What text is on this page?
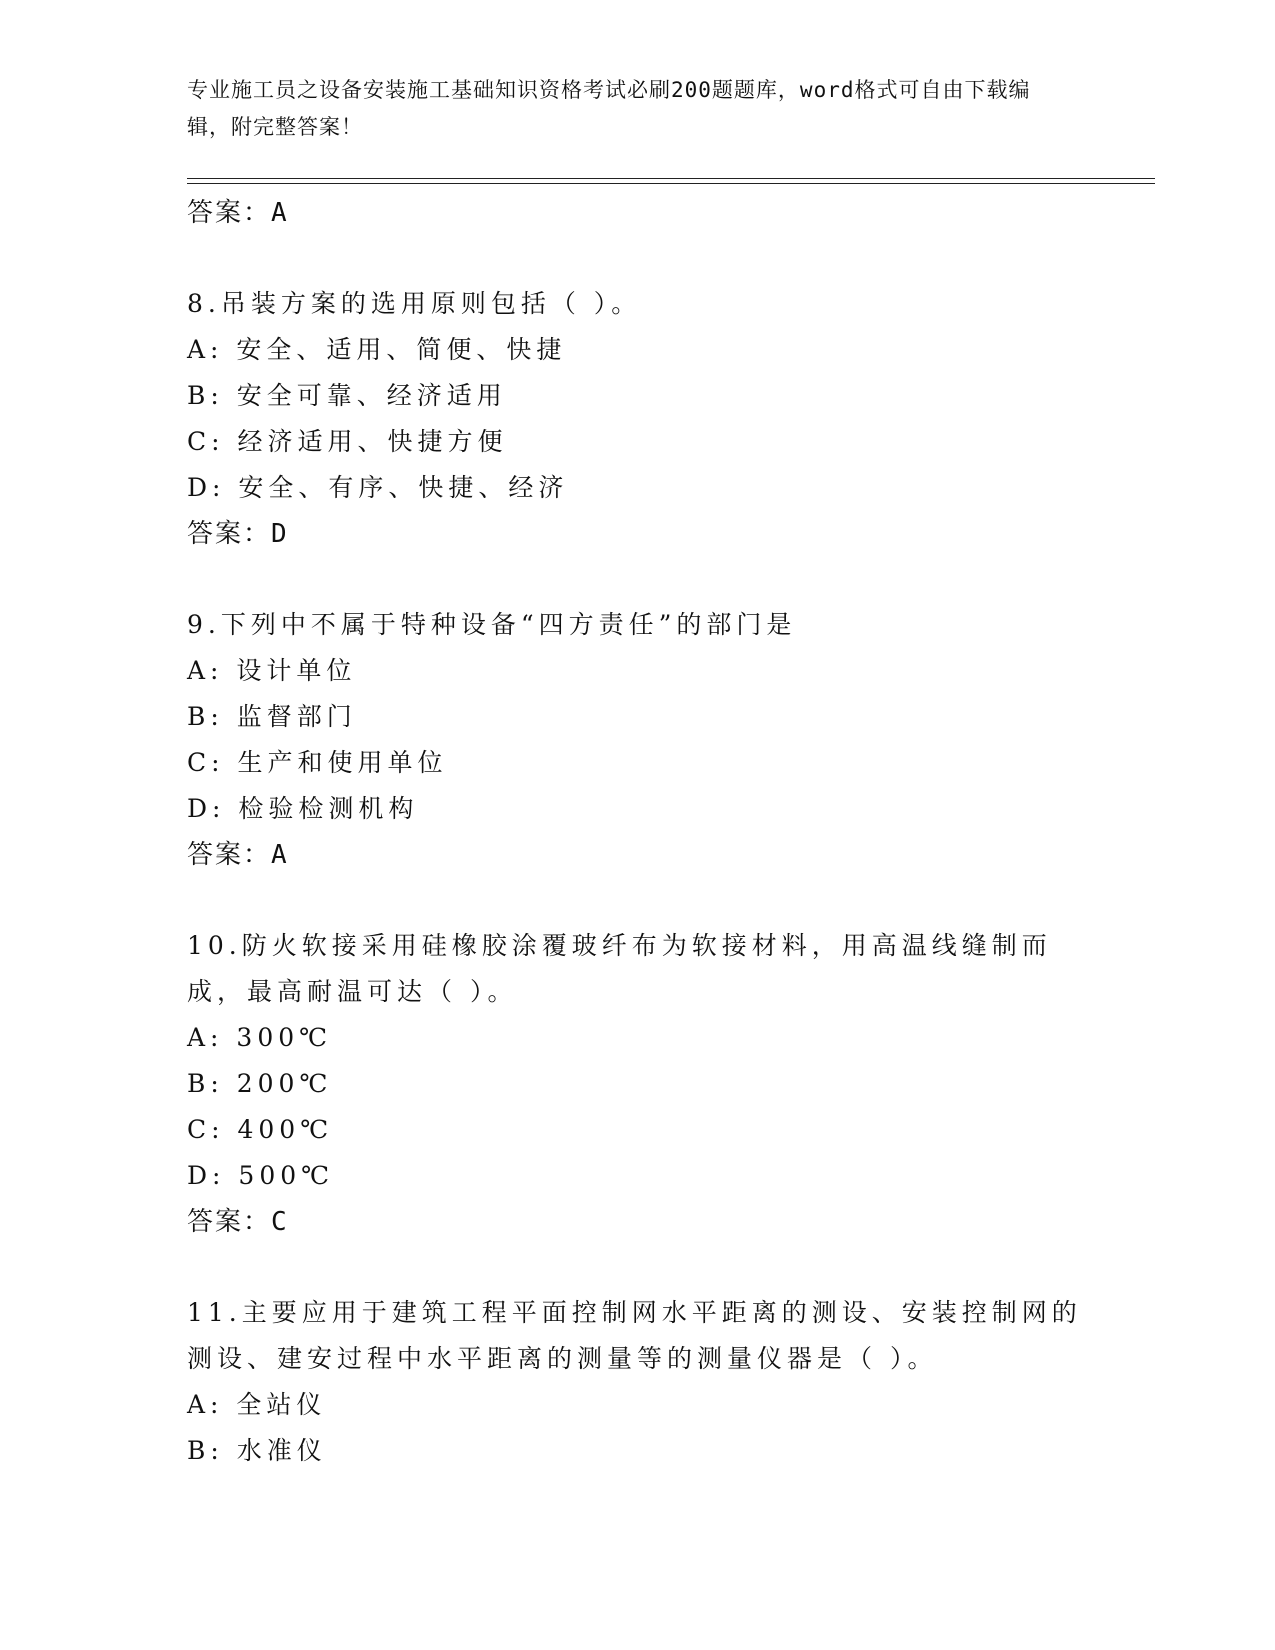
专业施工员之设备安装施工基础知识资格考试必刷200题题库，word格式可自由下载编辑，附完整答案！
答案：A
8.吊装方案的选用原则包括（ ）。
A: 安全、适用、简便、快捷
B: 安全可靠、经济适用
C: 经济适用、快捷方便
D: 安全、有序、快捷、经济
答案：D
9.下列中不属于特种设备“四方责任”的部门是
A: 设计单位
B: 监督部门
C: 生产和使用单位
D: 检验检测机构
答案：A
10.防火软接采用硅橡胶涂覆玻纤布为软接材料，用高温线缝制而成，最高耐温可达（ ）。
A: 300℃
B: 200℃
C: 400℃
D: 500℃
答案：C
11.主要应用于建筑工程平面控制网水平距离的测设、安装控制网的测设、建安过程中水平距离的测量等的测量仪器是（ ）。
A: 全站仪
B: 水准仪
